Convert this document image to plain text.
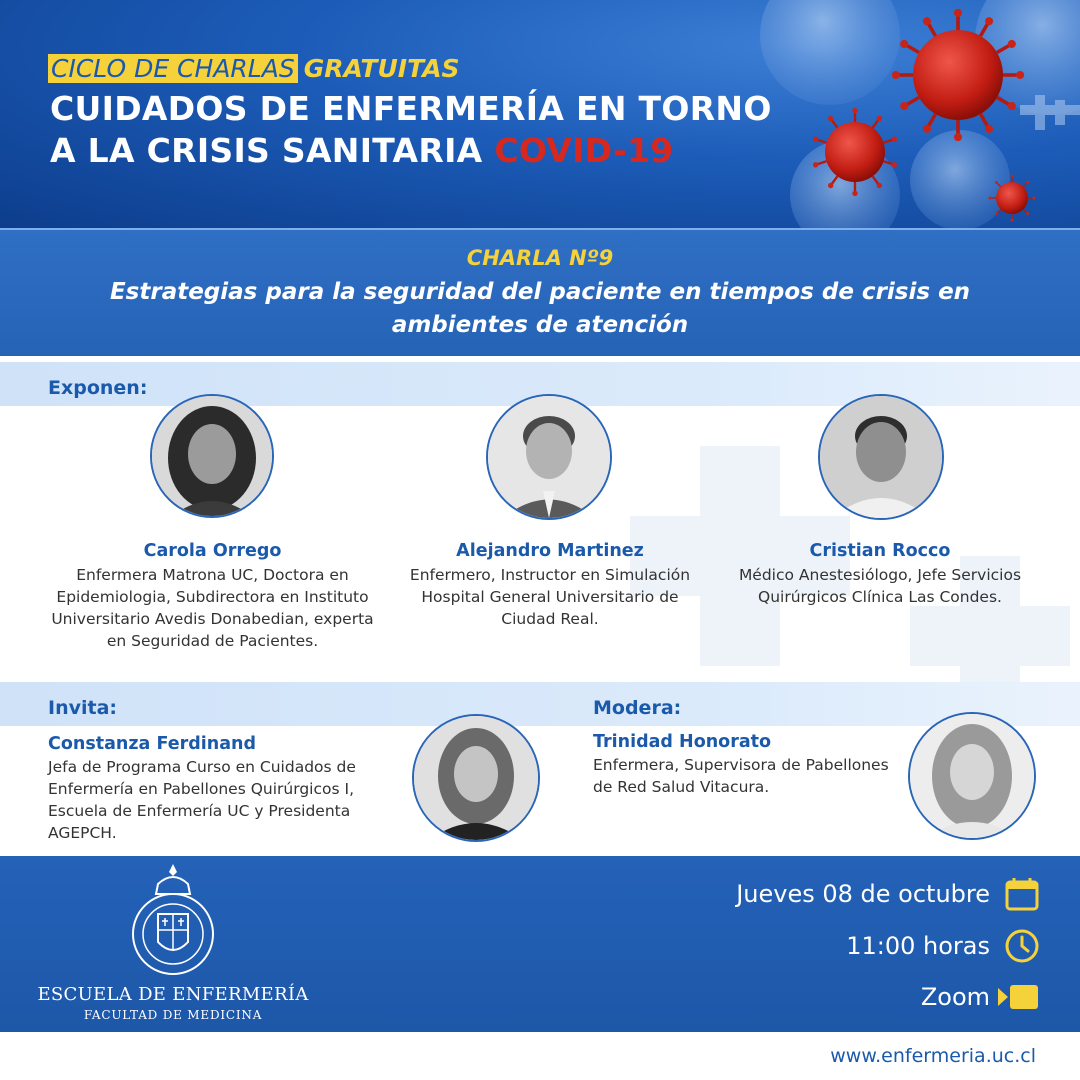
CICLO DE CHARLAS GRATUITAS
CUIDADOS DE ENFERMERÍA EN TORNO
A LA CRISIS SANITARIA COVID-19
CHARLA Nº9
Estrategias para la seguridad del paciente en tiempos de crisis en ambientes de atención
Exponen:
Carola Orrego
Enfermera Matrona UC, Doctora en Epidemiologia, Subdirectora en Instituto Universitario Avedis Donabedian, experta en Seguridad de Pacientes.
Alejandro Martinez
Enfermero, Instructor en Simulación Hospital General Universitario de Ciudad Real.
Cristian Rocco
Médico Anestesiólogo, Jefe Servicios Quirúrgicos Clínica Las Condes.
Invita:	Modera:
Constanza Ferdinand
Jefa de Programa Curso en Cuidados de Enfermería en Pabellones Quirúrgicos I, Escuela de Enfermería UC y Presidenta AGEPCH.
Trinidad Honorato
Enfermera, Supervisora de Pabellones de Red Salud Vitacura.
ESCUELA DE ENFERMERÍA
FACULTAD DE MEDICINA
Jueves 08 de octubre
11:00 horas
Zoom
www.enfermeria.uc.cl
